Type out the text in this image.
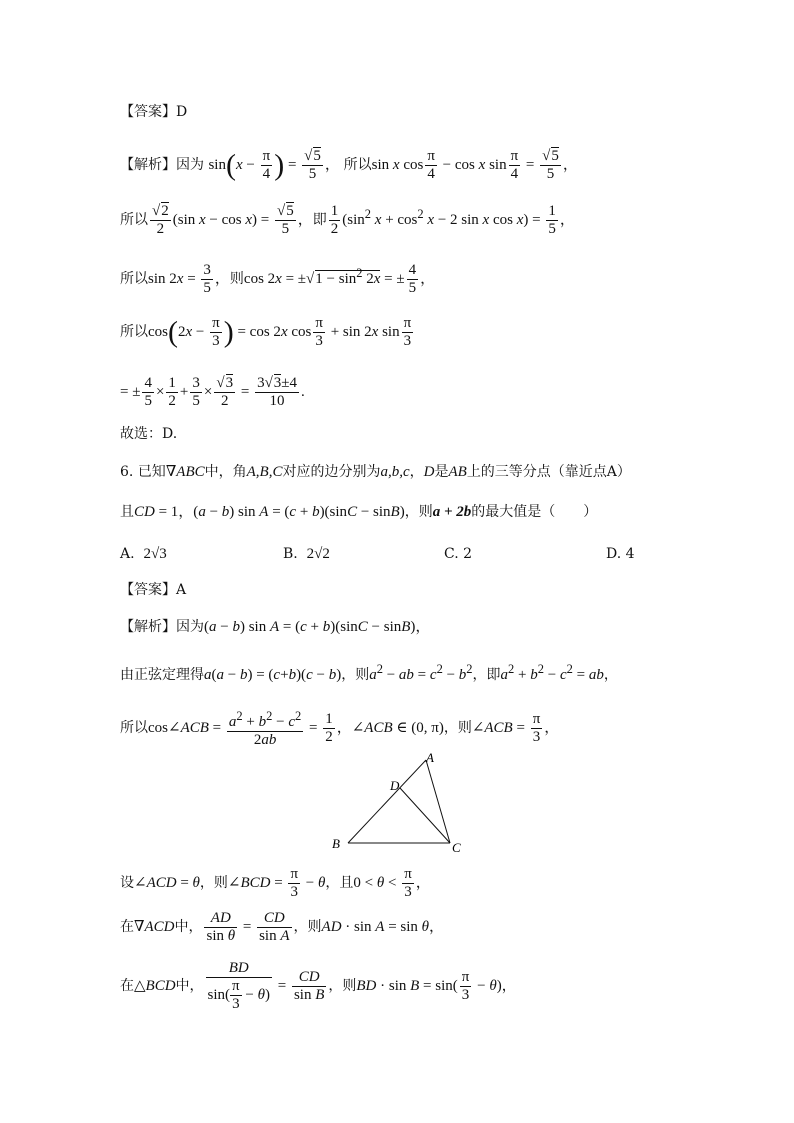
【答案】D
【解析】因为 $\sin(x - \frac{\pi}{4}$ ) = $\frac{√5}{5}$ ， 所以sin x $\cos \frac{\pi}{4} - \cos x$ $\sin \frac{\pi}{4} = \frac{√5}{5}$ ，
所以 $\frac{√2}{2} (\sin$ $x - \cos x) = \frac{√5}{5}$ ，即 $\frac{1}{2} (\sin^2$ $x + \cos^2 x - 2$ sin x $\cos x) = \frac{1}{5}$ ，
所以$\sin 2x = \frac{3}{5}$ ，则$\cos 2x = \pm√1 - \sin^2 2x$ = ± $\frac{4}{5}$ ，
所以$\cos(2x - \frac{\pi}{3}$ ) = cos 2x $\cos \frac{\pi}{3} + \sin 2x$ $\sin \frac{\pi}{3}$
= ± $\frac{4}{5} \times \frac{1}{2} + \frac{3}{5} \times \frac{√3}{2} = \frac{3√3\pm 4}{10}$ .
故选：D.
6. 已知∇ABC中，角A,B,C对应的边分别为a,b,c，D是AB上的三等分点（靠近点A）
且CD = 1，(a − b) sin A = (c + b)(sinC − sinB)，则a + 2b的最大值是（　　）
A. 2√3	B. 2√2	C. 2	D. 4
【答案】A
【解析】因为(a − b) sin A = (c + b)(sinC − sinB)，
由正弦定理得a(a − b) = (c+b)(c − b)，则$a^2$ − ab = $c^2 - b^2$，即$a^2 + b^2 - c^2$ = ab，
所以cos∠ACB = $\frac{a^2 + b^2 - c^2}{2ab} = \frac{1}{2}$ ，∠ACB ∈ (0, π)，则∠ACB = $\frac{\pi}{3}$ ，
A
D
B	C
设∠ACD = θ，则∠BCD = $\frac{\pi}{3} - \theta$，且$0 < \theta < \frac{\pi}{3}$ ，
在∇ACD中， $\frac{AD}{\text{sin θ}} = \frac{CD}{\text{sin A}}$ ，则AD · sin A = sin θ，
在△BCD中， $\frac{BD}{\sin( \frac{\pi}{3} - \theta)} = \frac{CD}{\text{sin B}}$ ，则BD · $\sin B = \sin( \frac{\pi}{3} - \theta)$，
